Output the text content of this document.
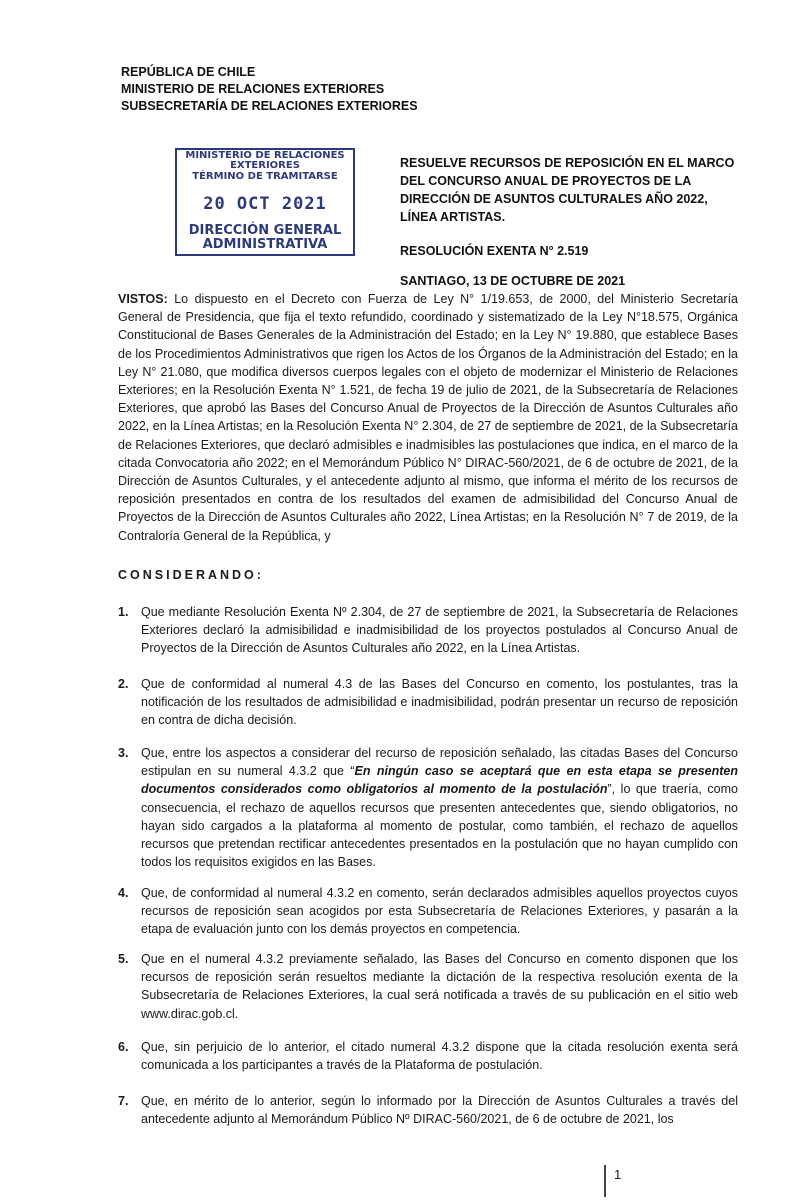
REPÚBLICA DE CHILE
MINISTERIO DE RELACIONES EXTERIORES
SUBSECRETARÍA DE RELACIONES EXTERIORES
MINISTERIO DE RELACIONES
EXTERIORES
TÉRMINO DE TRAMITARSE
20 OCT 2021
DIRECCIÓN GENERAL
ADMINISTRATIVA
RESUELVE RECURSOS DE REPOSICIÓN EN EL MARCO DEL CONCURSO ANUAL DE PROYECTOS DE LA DIRECCIÓN DE ASUNTOS CULTURALES AÑO 2022, LÍNEA ARTISTAS.
RESOLUCIÓN EXENTA N° 2.519
SANTIAGO, 13 DE OCTUBRE DE 2021
VISTOS: Lo dispuesto en el Decreto con Fuerza de Ley N° 1/19.653, de 2000, del Ministerio Secretaría General de Presidencia, que fija el texto refundido, coordinado y sistematizado de la Ley N°18.575, Orgánica Constitucional de Bases Generales de la Administración del Estado; en la Ley N° 19.880, que establece Bases de los Procedimientos Administrativos que rigen los Actos de los Órganos de la Administración del Estado; en la Ley N° 21.080, que modifica diversos cuerpos legales con el objeto de modernizar el Ministerio de Relaciones Exteriores; en la Resolución Exenta N° 1.521, de fecha 19 de julio de 2021, de la Subsecretaría de Relaciones Exteriores, que aprobó las Bases del Concurso Anual de Proyectos de la Dirección de Asuntos Culturales año 2022, en la Línea Artistas; en la Resolución Exenta N° 2.304, de 27 de septiembre de 2021, de la Subsecretaría de Relaciones Exteriores, que declaró admisibles e inadmisibles las postulaciones que indica, en el marco de la citada Convocatoria año 2022; en el Memorándum Público N° DIRAC-560/2021, de 6 de octubre de 2021, de la Dirección de Asuntos Culturales, y el antecedente adjunto al mismo, que informa el mérito de los recursos de reposición presentados en contra de los resultados del examen de admisibilidad del Concurso Anual de Proyectos de la Dirección de Asuntos Culturales año 2022, Línea Artistas; en la Resolución N° 7 de 2019, de la Contraloría General de la República, y
CONSIDERANDO:
1. Que mediante Resolución Exenta Nº 2.304, de 27 de septiembre de 2021, la Subsecretaría de Relaciones Exteriores declaró la admisibilidad e inadmisibilidad de los proyectos postulados al Concurso Anual de Proyectos de la Dirección de Asuntos Culturales año 2022, en la Línea Artistas.
2. Que de conformidad al numeral 4.3 de las Bases del Concurso en comento, los postulantes, tras la notificación de los resultados de admisibilidad e inadmisibilidad, podrán presentar un recurso de reposición en contra de dicha decisión.
3. Que, entre los aspectos a considerar del recurso de reposición señalado, las citadas Bases del Concurso estipulan en su numeral 4.3.2 que “En ningún caso se aceptará que en esta etapa se presenten documentos considerados como obligatorios al momento de la postulación”, lo que traería, como consecuencia, el rechazo de aquellos recursos que presenten antecedentes que, siendo obligatorios, no hayan sido cargados a la plataforma al momento de postular, como también, el rechazo de aquellos recursos que pretendan rectificar antecedentes presentados en la postulación que no hayan cumplido con todos los requisitos exigidos en las Bases.
4. Que, de conformidad al numeral 4.3.2 en comento, serán declarados admisibles aquellos proyectos cuyos recursos de reposición sean acogidos por esta Subsecretaría de Relaciones Exteriores, y pasarán a la etapa de evaluación junto con los demás proyectos en competencia.
5. Que en el numeral 4.3.2 previamente señalado, las Bases del Concurso en comento disponen que los recursos de reposición serán resueltos mediante la dictación de la respectiva resolución exenta de la Subsecretaría de Relaciones Exteriores, la cual será notificada a través de su publicación en el sitio web www.dirac.gob.cl.
6. Que, sin perjuicio de lo anterior, el citado numeral 4.3.2 dispone que la citada resolución exenta será comunicada a los participantes a través de la Plataforma de postulación.
7. Que, en mérito de lo anterior, según lo informado por la Dirección de Asuntos Culturales a través del antecedente adjunto al Memorándum Público Nº DIRAC-560/2021, de 6 de octubre de 2021, los
1
